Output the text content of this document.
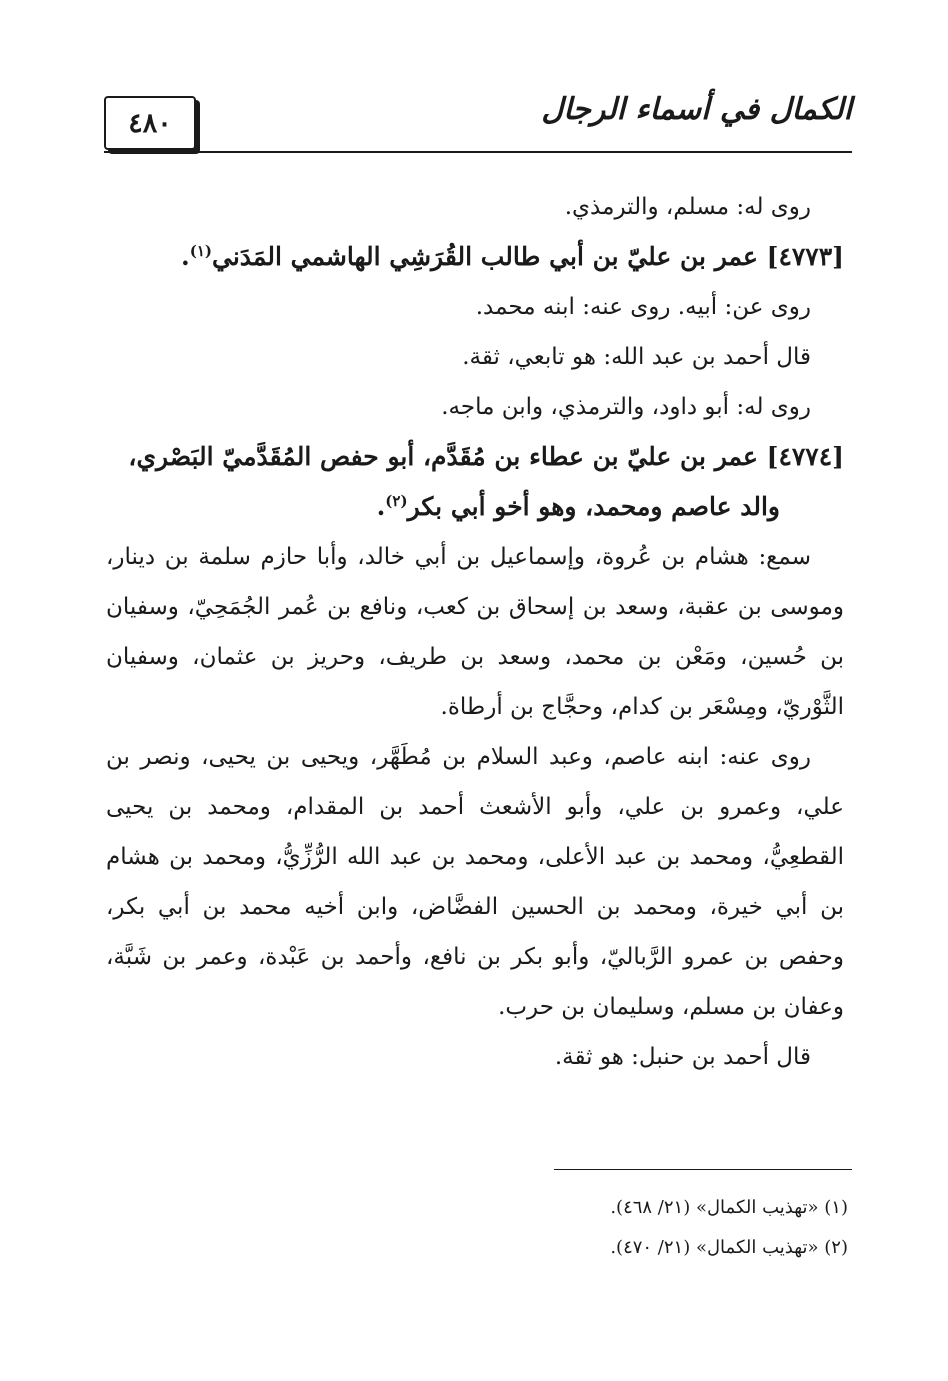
٤٨٠	الكمال في أسماء الرجال

روى له: مسلم، والترمذي.

[٤٧٧٣] عمر بن عليّ بن أبي طالب القُرَشِي الهاشمي المَدَني$^{(١)}$.

روى عن: أبيه. روى عنه: ابنه محمد.

قال أحمد بن عبد الله: هو تابعي، ثقة.

روى له: أبو داود، والترمذي، وابن ماجه.

[٤٧٧٤] عمر بن عليّ بن عطاء بن مُقَدَّم، أبو حفص المُقَدَّميّ البَصْري،
والد عاصم ومحمد، وهو أخو أبي بكر$^{(٢)}$.

سمع: هشام بن عُروة، وإسماعيل بن أبي خالد، وأبا حازم سلمة بن دينار، وموسى بن عقبة، وسعد بن إسحاق بن كعب، ونافع بن عُمر الجُمَحِيّ، وسفيان بن حُسين، ومَعْن بن محمد، وسعد بن طريف، وحريز بن عثمان، وسفيان الثَّوْريّ، ومِسْعَر بن كدام، وحجَّاج بن أرطاة.

روى عنه: ابنه عاصم، وعبد السلام بن مُطَهَّر، ويحيى بن يحيى، ونصر بن علي، وعمرو بن علي، وأبو الأشعث أحمد بن المقدام، ومحمد بن يحيى القطعِيُّ، ومحمد بن عبد الأعلى، ومحمد بن عبد الله الرُّزِّيُّ، ومحمد بن هشام بن أبي خيرة، ومحمد بن الحسين الفضَّاض، وابن أخيه محمد بن أبي بكر، وحفص بن عمرو الرَّباليّ، وأبو بكر بن نافع، وأحمد بن عَبْدة، وعمر بن شَبَّة، وعفان بن مسلم، وسليمان بن حرب.

قال أحمد بن حنبل: هو ثقة.

(١) «تهذيب الكمال» (٢١/ ٤٦٨).

(٢) «تهذيب الكمال» (٢١/ ٤٧٠).
